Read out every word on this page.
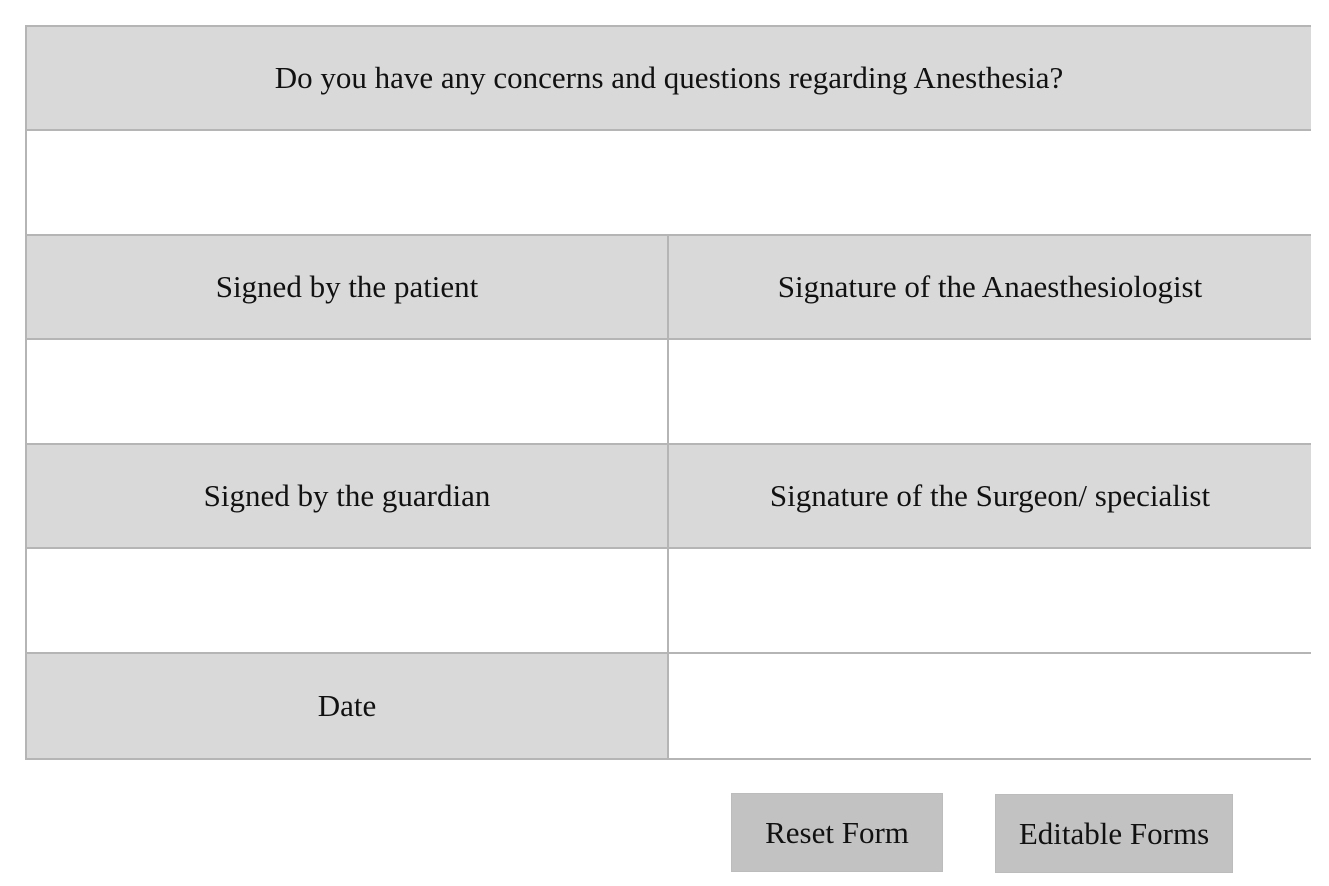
Do you have any concerns and questions regarding Anesthesia?
Signed by the patient	Signature of the Anaesthesiologist
Signed by the guardian	Signature of the Surgeon/ specialist
Date
Reset Form	Editable Forms
